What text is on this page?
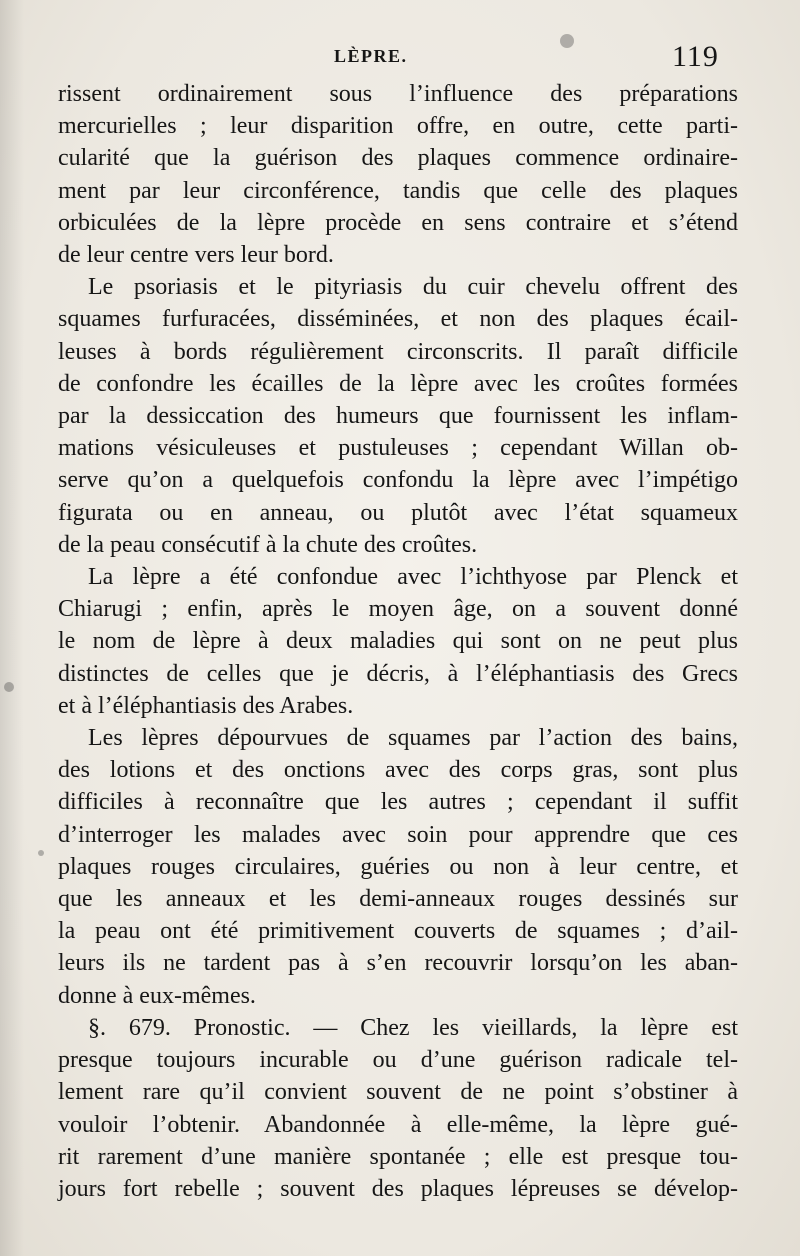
LÈPRE.	119
rissent ordinairement sous l’influence des préparations
mercurielles ; leur disparition offre, en outre, cette parti-
cularité que la guérison des plaques commence ordinaire-
ment par leur circonférence, tandis que celle des plaques
orbiculées de la lèpre procède en sens contraire et s’étend
de leur centre vers leur bord.
Le psoriasis et le pityriasis du cuir chevelu offrent des
squames furfuracées, disséminées, et non des plaques écail-
leuses à bords régulièrement circonscrits. Il paraît difficile
de confondre les écailles de la lèpre avec les croûtes formées
par la dessiccation des humeurs que fournissent les inflam-
mations vésiculeuses et pustuleuses ; cependant Willan ob-
serve qu’on a quelquefois confondu la lèpre avec l’impétigo
figurata ou en anneau, ou plutôt avec l’état squameux
de la peau consécutif à la chute des croûtes.
La lèpre a été confondue avec l’ichthyose par Plenck et
Chiarugi ; enfin, après le moyen âge, on a souvent donné
le nom de lèpre à deux maladies qui sont on ne peut plus
distinctes de celles que je décris, à l’éléphantiasis des Grecs
et à l’éléphantiasis des Arabes.
Les lèpres dépourvues de squames par l’action des bains,
des lotions et des onctions avec des corps gras, sont plus
difficiles à reconnaître que les autres ; cependant il suffit
d’interroger les malades avec soin pour apprendre que ces
plaques rouges circulaires, guéries ou non à leur centre, et
que les anneaux et les demi-anneaux rouges dessinés sur
la peau ont été primitivement couverts de squames ; d’ail-
leurs ils ne tardent pas à s’en recouvrir lorsqu’on les aban-
donne à eux-mêmes.
§. 679. Pronostic. — Chez les vieillards, la lèpre est
presque toujours incurable ou d’une guérison radicale tel-
lement rare qu’il convient souvent de ne point s’obstiner à
vouloir l’obtenir. Abandonnée à elle-même, la lèpre gué-
rit rarement d’une manière spontanée ; elle est presque tou-
jours fort rebelle ; souvent des plaques lépreuses se dévelop-
